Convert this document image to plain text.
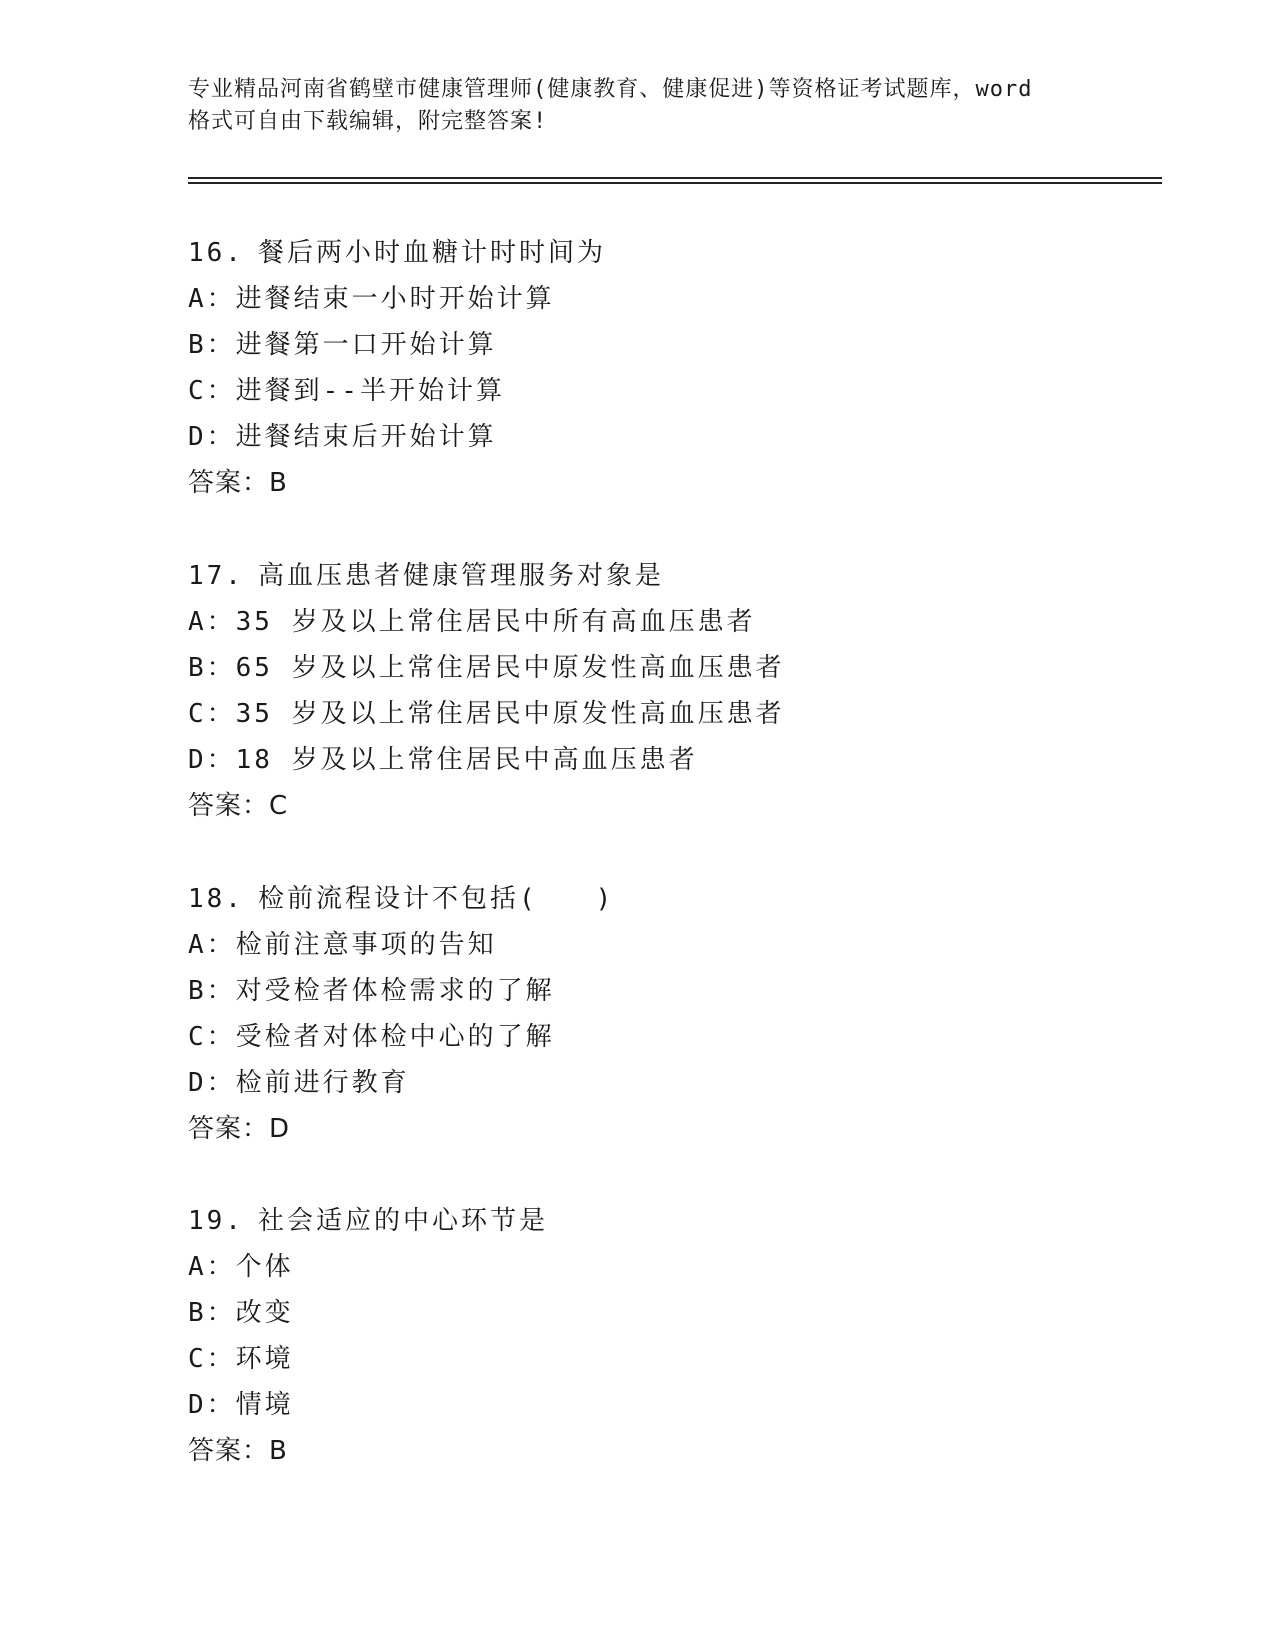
专业精品河南省鹤壁市健康管理师(健康教育、健康促进)等资格证考试题库，word
格式可自由下载编辑，附完整答案!
16. 餐后两小时血糖计时时间为
A：进餐结束一小时开始计算
B：进餐第一口开始计算
C：进餐到--半开始计算
D：进餐结束后开始计算
答案：B
17. 高血压患者健康管理服务对象是
A：35 岁及以上常住居民中所有高血压患者
B：65 岁及以上常住居民中原发性高血压患者
C：35 岁及以上常住居民中原发性高血压患者
D：18 岁及以上常住居民中高血压患者
答案：C
18. 检前流程设计不包括(　　)
A：检前注意事项的告知
B：对受检者体检需求的了解
C：受检者对体检中心的了解
D：检前进行教育
答案：D
19. 社会适应的中心环节是
A：个体
B：改变
C：环境
D：情境
答案：B
